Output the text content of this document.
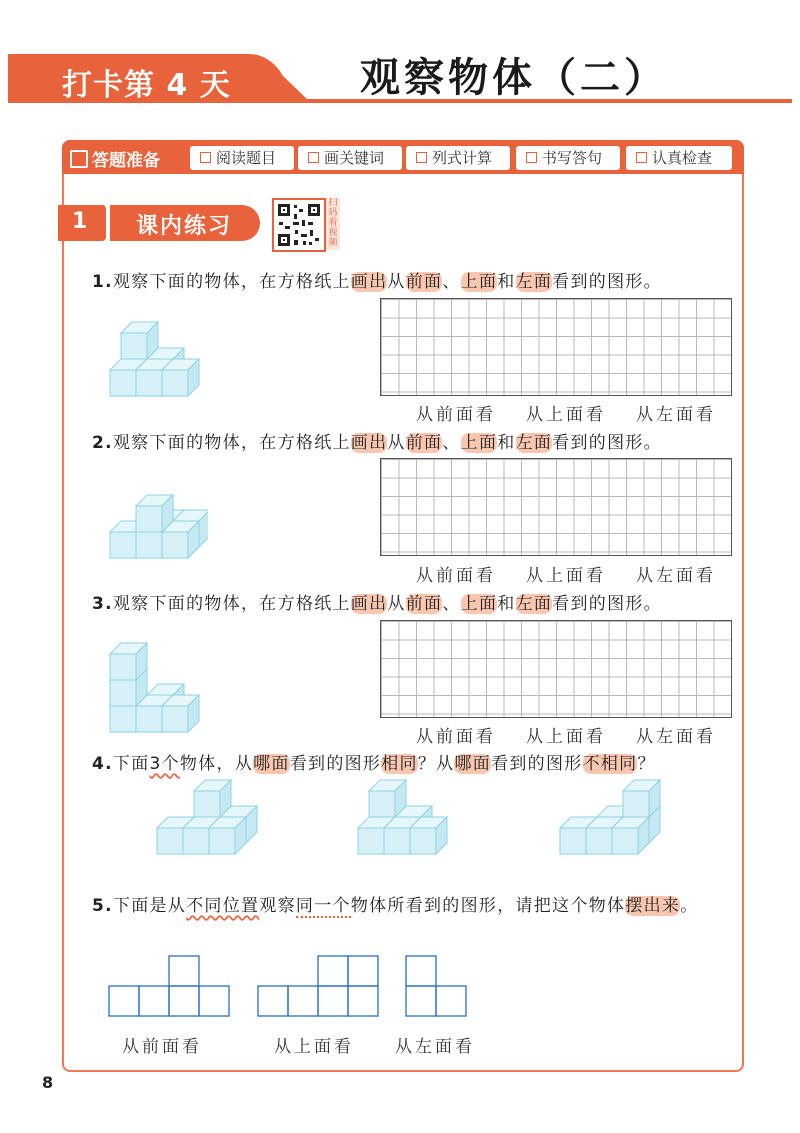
打卡第 4 天	观察物体（二）
答题准备	阅读题目	画关键词	列式计算	书写答句	认真检查
1 课内练习
扫码看视频
1.观察下面的物体，在方格纸上画出从前面、上面和左面看到的图形。
从前面看 从上面看 从左面看
2.观察下面的物体，在方格纸上画出从前面、上面和左面看到的图形。
从前面看 从上面看 从左面看
3.观察下面的物体，在方格纸上画出从前面、上面和左面看到的图形。
从前面看 从上面看 从左面看
4.下面3个物体，从哪面看到的图形相同？从哪面看到的图形不相同？
5.下面是从不同位置观察同一个物体所看到的图形，请把这个物体摆出来。
从前面看	从上面看 从左面看
8
